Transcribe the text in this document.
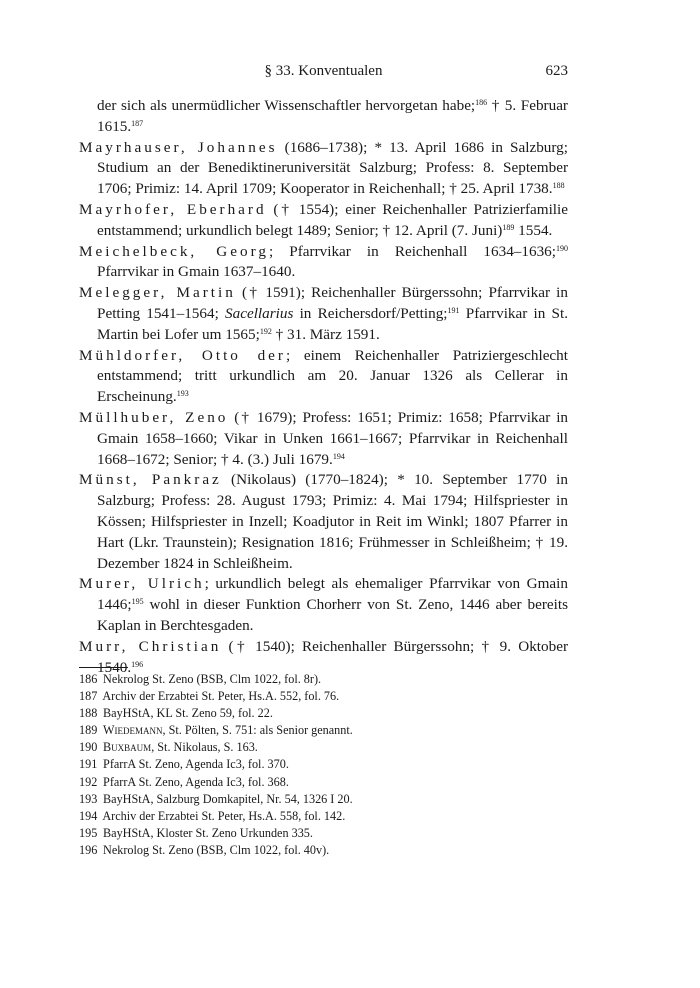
§ 33. Konventualen	623
der sich als unermüdlicher Wissenschaftler hervorgetan habe;$^{186}$ † 5. Februar 1615.$^{187}$

Mayrhauser, Johannes (1686–1738); * 13. April 1686 in Salzburg; Studium an der Benediktineruniversität Salzburg; Profess: 8. September 1706; Primiz: 14. April 1709; Kooperator in Reichenhall; † 25. April 1738.$^{188}$

Mayrhofer, Eberhard († 1554); einer Reichenhaller Patrizierfamilie entstammend; urkundlich belegt 1489; Senior; † 12. April (7. Juni)$^{189}$ 1554.

Meichelbeck, Georg; Pfarrvikar in Reichenhall 1634–1636;$^{190}$ Pfarrvikar in Gmain 1637–1640.

Melegger, Martin († 1591); Reichenhaller Bürgerssohn; Pfarrvikar in Petting 1541–1564; Sacellarius in Reichersdorf/Petting;$^{191}$ Pfarrvikar in St. Martin bei Lofer um 1565;$^{192}$ † 31. März 1591.

Mühldorfer, Otto der; einem Reichenhaller Patriziergeschlecht entstammend; tritt urkundlich am 20. Januar 1326 als Cellerar in Erscheinung.$^{193}$

Müllhuber, Zeno († 1679); Profess: 1651; Primiz: 1658; Pfarrvikar in Gmain 1658–1660; Vikar in Unken 1661–1667; Pfarrvikar in Reichenhall 1668–1672; Senior; † 4. (3.) Juli 1679.$^{194}$

Münst, Pankraz (Nikolaus) (1770–1824); * 10. September 1770 in Salzburg; Profess: 28. August 1793; Primiz: 4. Mai 1794; Hilfspriester in Kössen; Hilfspriester in Inzell; Koadjutor in Reit im Winkl; 1807 Pfarrer in Hart (Lkr. Traunstein); Resignation 1816; Frühmesser in Schleißheim; † 19. Dezember 1824 in Schleißheim.

Murer, Ulrich; urkundlich belegt als ehemaliger Pfarrvikar von Gmain 1446;$^{195}$ wohl in dieser Funktion Chorherr von St. Zeno, 1446 aber bereits Kaplan in Berchtesgaden.

Murr, Christian († 1540); Reichenhaller Bürgerssohn; † 9. Oktober 1540.$^{196}$

186 Nekrolog St. Zeno (BSB, Clm 1022, fol. 8r).
187 Archiv der Erzabtei St. Peter, Hs.A. 552, fol. 76.
188 BayHStA, KL St. Zeno 59, fol. 22.
189 Wiedemann, St. Pölten, S. 751: als Senior genannt.
190 Buxbaum, St. Nikolaus, S. 163.
191 PfarrA St. Zeno, Agenda Ic3, fol. 370.
192 PfarrA St. Zeno, Agenda Ic3, fol. 368.
193 BayHStA, Salzburg Domkapitel, Nr. 54, 1326 I 20.
194 Archiv der Erzabtei St. Peter, Hs.A. 558, fol. 142.
195 BayHStA, Kloster St. Zeno Urkunden 335.
196 Nekrolog St. Zeno (BSB, Clm 1022, fol. 40v).
